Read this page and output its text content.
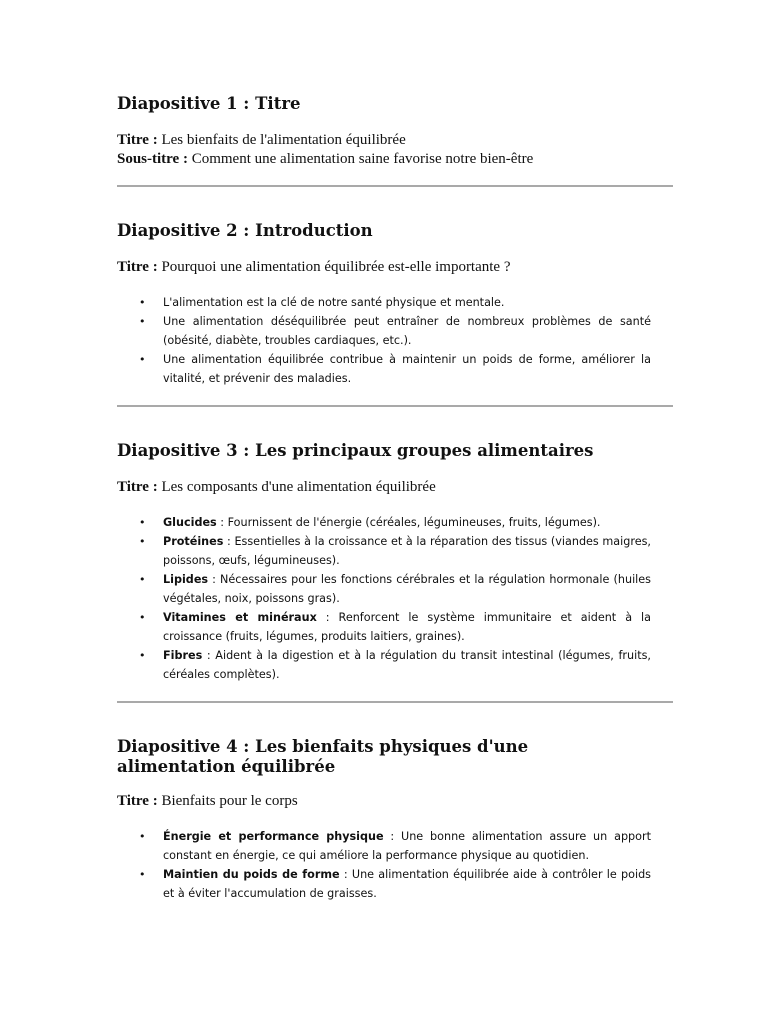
Diapositive 1 : Titre

Titre : Les bienfaits de l'alimentation équilibrée

Sous-titre : Comment une alimentation saine favorise notre bien-être

Diapositive 2 : Introduction

Titre : Pourquoi une alimentation équilibrée est-elle importante ?

• L'alimentation est la clé de notre santé physique et mentale.
• Une alimentation déséquilibrée peut entraîner de nombreux problèmes de santé (obésité, diabète, troubles cardiaques, etc.).
• Une alimentation équilibrée contribue à maintenir un poids de forme, améliorer la vitalité, et prévenir des maladies.
Diapositive 3 : Les principaux groupes alimentaires

Titre : Les composants d'une alimentation équilibrée

• Glucides : Fournissent de l'énergie (céréales, légumineuses, fruits, légumes).
• Protéines : Essentielles à la croissance et à la réparation des tissus (viandes maigres, poissons, œufs, légumineuses).
• Lipides : Nécessaires pour les fonctions cérébrales et la régulation hormonale (huiles végétales, noix, poissons gras).
• Vitamines et minéraux : Renforcent le système immunitaire et aident à la croissance (fruits, légumes, produits laitiers, graines).
• Fibres : Aident à la digestion et à la régulation du transit intestinal (légumes, fruits, céréales complètes).
Diapositive 4 : Les bienfaits physiques d'une
alimentation équilibrée

Titre : Bienfaits pour le corps

• Énergie et performance physique : Une bonne alimentation assure un apport constant en énergie, ce qui améliore la performance physique au quotidien.
• Maintien du poids de forme : Une alimentation équilibrée aide à contrôler le poids et à éviter l'accumulation de graisses.
